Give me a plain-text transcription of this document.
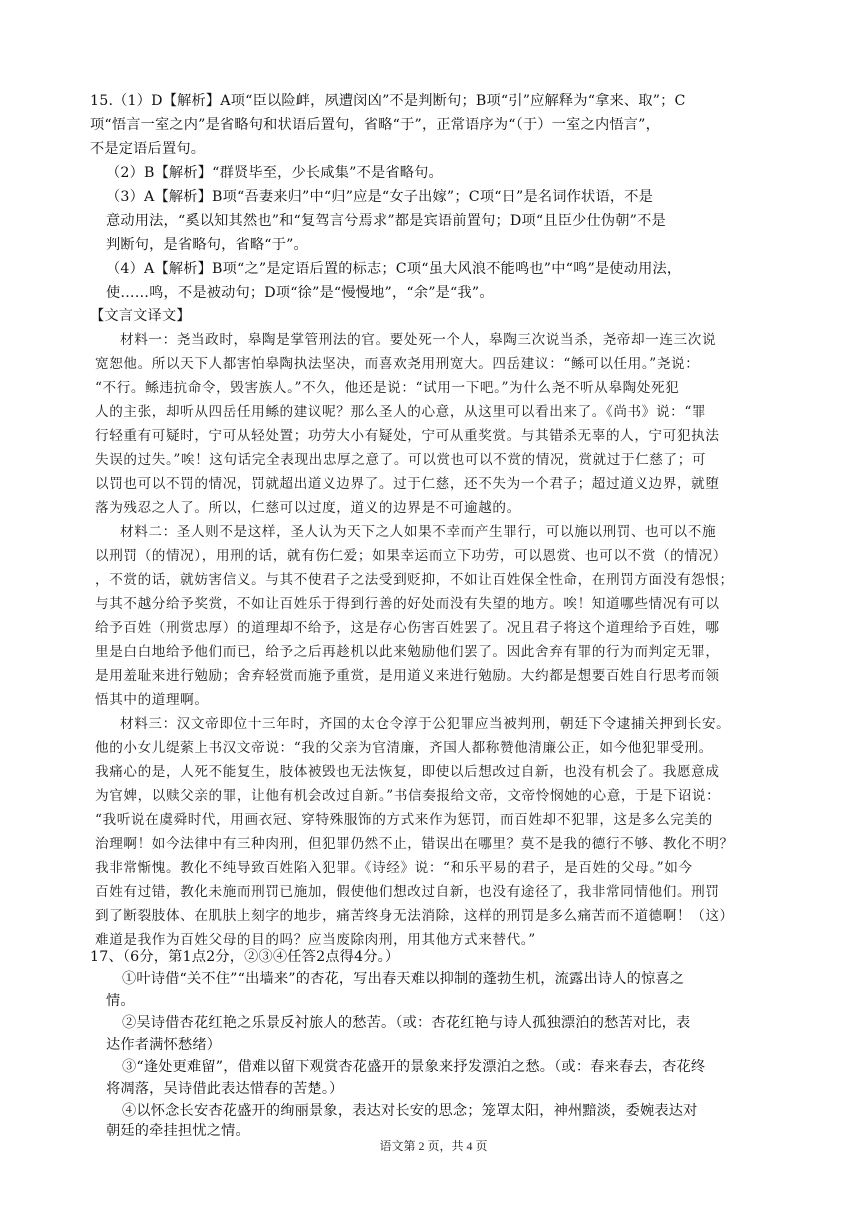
15.（1）D【解析】A项“臣以险衅，夙遭闵凶”不是判断句；B项“引”应解释为“拿来、取”；C
项“悟言一室之内”是省略句和状语后置句，省略“于”，正常语序为“（于）一室之内悟言”，
不是定语后置句。
（2）B【解析】“群贤毕至，少长咸集”不是省略句。
（3）A【解析】B项“吾妻来归”中“归”应是“女子出嫁”；C项“日”是名词作状语，不是
意动用法，“奚以知其然也”和“复驾言兮焉求”都是宾语前置句；D项“且臣少仕伪朝”不是
判断句，是省略句，省略“于”。
（4）A【解析】B项“之”是定语后置的标志；C项“虽大风浪不能鸣也”中“鸣”是使动用法，
使……鸣，不是被动句；D项“徐”是“慢慢地”，“余”是“我”。
【文言文译文】
材料一：尧当政时，皋陶是掌管刑法的官。要处死一个人，皋陶三次说当杀，尧帝却一连三次说
宽恕他。所以天下人都害怕皋陶执法坚决，而喜欢尧用刑宽大。四岳建议：“鲧可以任用。”尧说：
“不行。鲧违抗命令，毁害族人。”不久，他还是说：“试用一下吧。”为什么尧不听从皋陶处死犯
人的主张，却听从四岳任用鲧的建议呢？那么圣人的心意，从这里可以看出来了。《尚书》说：“罪
行轻重有可疑时，宁可从轻处置；功劳大小有疑处，宁可从重奖赏。与其错杀无辜的人，宁可犯执法
失误的过失。”唉！这句话完全表现出忠厚之意了。可以赏也可以不赏的情况，赏就过于仁慈了；可
以罚也可以不罚的情况，罚就超出道义边界了。过于仁慈，还不失为一个君子；超过道义边界，就堕
落为残忍之人了。所以，仁慈可以过度，道义的边界是不可逾越的。
材料二：圣人则不是这样，圣人认为天下之人如果不幸而产生罪行，可以施以刑罚、也可以不施
以刑罚（的情况），用刑的话，就有伤仁爱；如果幸运而立下功劳，可以恩赏、也可以不赏（的情况）
，不赏的话，就妨害信义。与其不使君子之法受到贬抑，不如让百姓保全性命，在刑罚方面没有怨恨；
与其不越分给予奖赏，不如让百姓乐于得到行善的好处而没有失望的地方。唉！知道哪些情况有可以
给予百姓（刑赏忠厚）的道理却不给予，这是存心伤害百姓罢了。况且君子将这个道理给予百姓，哪
里是白白地给予他们而已，给予之后再趁机以此来勉励他们罢了。因此舍弃有罪的行为而判定无罪，
是用羞耻来进行勉励；舍弃轻赏而施予重赏，是用道义来进行勉励。大约都是想要百姓自行思考而领
悟其中的道理啊。
材料三：汉文帝即位十三年时，齐国的太仓令淳于公犯罪应当被判刑，朝廷下令逮捕关押到长安。
他的小女儿缇萦上书汉文帝说：“我的父亲为官清廉，齐国人都称赞他清廉公正，如今他犯罪受刑。
我痛心的是，人死不能复生，肢体被毁也无法恢复，即使以后想改过自新，也没有机会了。我愿意成
为官婢，以赎父亲的罪，让他有机会改过自新。”书信奏报给文帝，文帝怜悯她的心意，于是下诏说：
“我听说在虞舜时代，用画衣冠、穿特殊服饰的方式来作为惩罚，而百姓却不犯罪，这是多么完美的
治理啊！如今法律中有三种肉刑，但犯罪仍然不止，错误出在哪里？莫不是我的德行不够、教化不明？
我非常惭愧。教化不纯导致百姓陷入犯罪。《诗经》说：“和乐平易的君子，是百姓的父母。”如今
百姓有过错，教化未施而刑罚已施加，假使他们想改过自新，也没有途径了，我非常同情他们。刑罚
到了断裂肢体、在肌肤上刻字的地步，痛苦终身无法消除，这样的刑罚是多么痛苦而不道德啊！（这）
难道是我作为百姓父母的目的吗？应当废除肉刑，用其他方式来替代。”
17、（6分，第1点2分，②③④任答2点得4分。）
①叶诗借“关不住”“出墙来”的杏花，写出春天难以抑制的蓬勃生机，流露出诗人的惊喜之
情。
②吴诗借杏花红艳之乐景反衬旅人的愁苦。（或：杏花红艳与诗人孤独漂泊的愁苦对比，表
达作者满怀愁绪）
③“逢处更难留”，借难以留下观赏杏花盛开的景象来抒发漂泊之愁。（或：春来春去，杏花终
将凋落，吴诗借此表达惜春的苦楚。）
语文第 2 页，共 4 页
④以怀念长安杏花盛开的绚丽景象，表达对长安的思念；笼罩太阳，神州黯淡，委婉表达对
朝廷的牵挂担忧之情。
